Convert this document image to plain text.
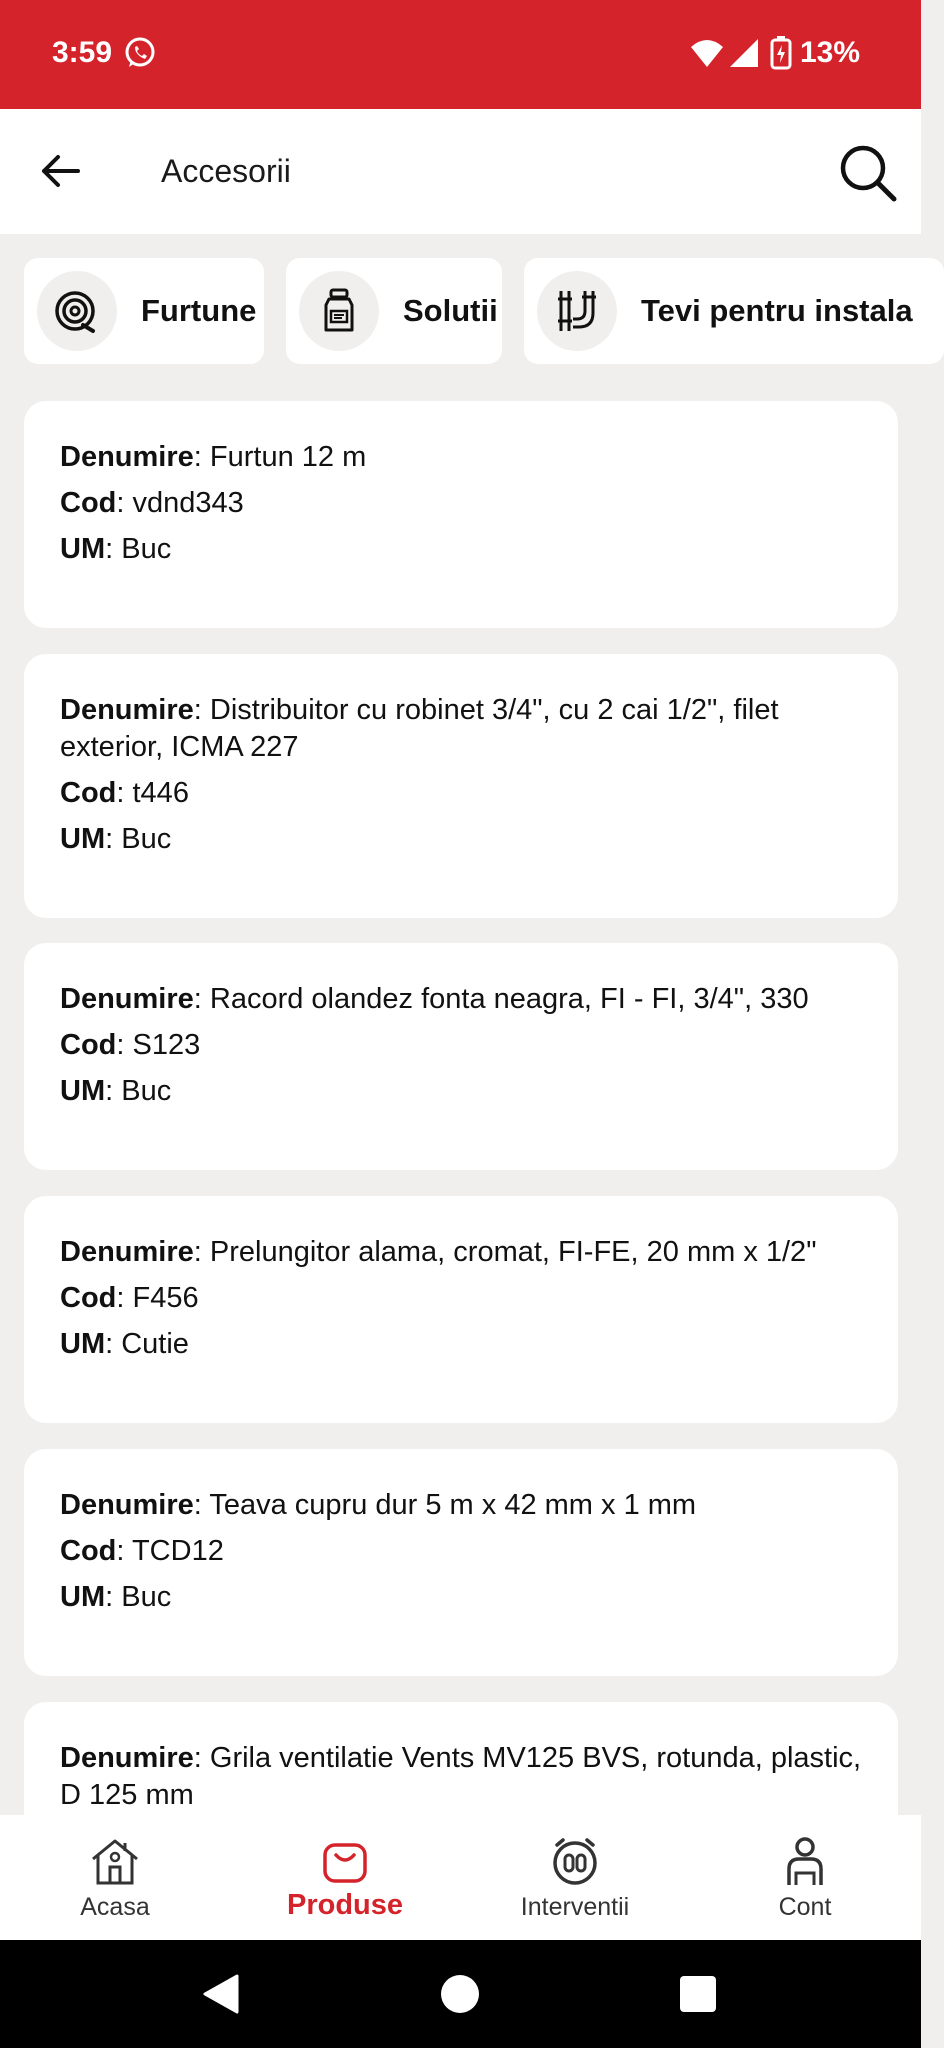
3:59	13%
Accesorii
Furtune	Solutii	Tevi pentru instala
Denumire: Furtun 12 m
Cod: vdnd343
UM: Buc
Denumire: Distribuitor cu robinet 3/4", cu 2 cai 1/2", filet exterior, ICMA 227
Cod: t446
UM: Buc
Denumire: Racord olandez fonta neagra, FI - FI, 3/4", 330
Cod: S123
UM: Buc
Denumire: Prelungitor alama, cromat, FI-FE, 20 mm x 1/2"
Cod: F456
UM: Cutie
Denumire: Teava cupru dur 5 m x 42 mm x 1 mm
Cod: TCD12
UM: Buc
Denumire: Grila ventilatie Vents MV125 BVS, rotunda, plastic, D 125 mm
Acasa	Produse	Interventii	Cont
